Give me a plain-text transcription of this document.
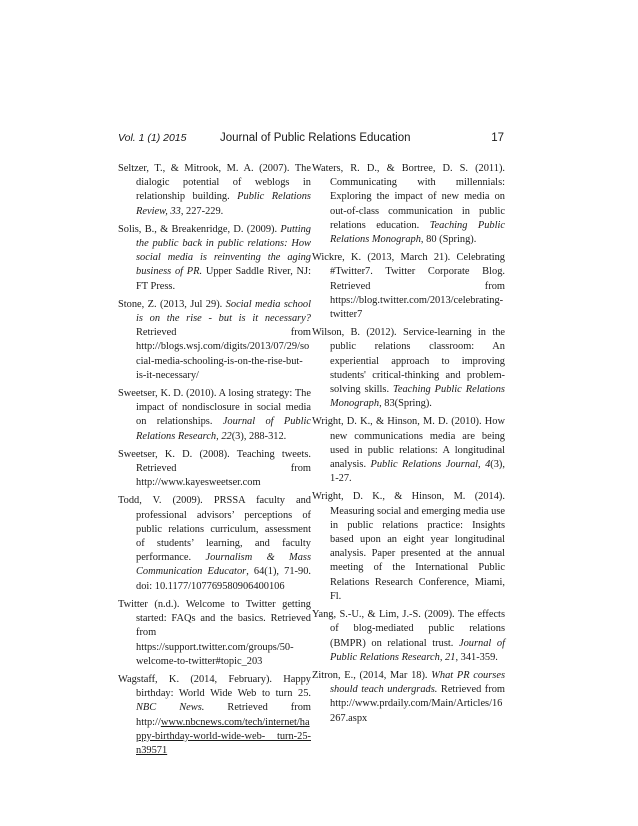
Vol. 1 (1) 2015	Journal of Public Relations Education	17

Seltzer, T., & Mitrook, M. A. (2007). The dialogic potential of weblogs in relationship building. Public Relations Review, 33, 227-229.

Solis, B., & Breakenridge, D. (2009). Putting the public back in public relations: How social media is reinventing the aging business of PR. Upper Saddle River, NJ: FT Press.

Stone, Z. (2013, Jul 29). Social media school is on the rise - but is it necessary? Retrieved from http://blogs.wsj.com/digits/2013/07/29/social-media-schooling-is-on-the-rise-but-is-it-necessary/

Sweetser, K. D. (2010). A losing strategy: The impact of nondisclosure in social media on relationships. Journal of Public Relations Research, 22(3), 288-312.

Sweetser, K. D. (2008). Teaching tweets. Retrieved from http://www.kayesweetser.com

Todd, V. (2009). PRSSA faculty and professional advisors’ perceptions of public relations curriculum, assessment of students’ learning, and faculty performance. Journalism & Mass Communication Educator, 64(1), 71-90. doi: 10.1177/107769580906400106

Twitter (n.d.). Welcome to Twitter getting started: FAQs and the basics. Retrieved from https://support.twitter.com/groups/50-welcome-to-twitter#topic_203

Wagstaff, K. (2014, February). Happy birthday: World Wide Web to turn 25. NBC News. Retrieved from http://www.nbcnews.com/tech/internet/happy-birthday-world-wide-web- turn-25-n39571

Waters, R. D., & Bortree, D. S. (2011). Communicating with millennials: Exploring the impact of new media on out-of-class communication in public relations education. Teaching Public Relations Monograph, 80 (Spring).

Wickre, K. (2013, March 21). Celebrating #Twitter7. Twitter Corporate Blog. Retrieved from https://blog.twitter.com/2013/celebrating-twitter7

Wilson, B. (2012). Service-learning in the public relations classroom: An experiential approach to improving students' critical-thinking and problem-solving skills. Teaching Public Relations Monograph, 83(Spring).

Wright, D. K., & Hinson, M. D. (2010). How new communications media are being used in public relations: A longitudinal analysis. Public Relations Journal, 4(3), 1-27.

Wright, D. K., & Hinson, M. (2014). Measuring social and emerging media use in public relations practice: Insights based upon an eight year longitudinal analysis. Paper presented at the annual meeting of the International Public Relations Research Conference, Miami, Fl.

Yang, S.-U., & Lim, J.-S. (2009). The effects of blog-mediated public relations (BMPR) on relational trust. Journal of Public Relations Research, 21, 341-359.

Zitron, E., (2014, Mar 18). What PR courses should teach undergrads. Retrieved from http://www.prdaily.com/Main/Articles/16267.aspx
